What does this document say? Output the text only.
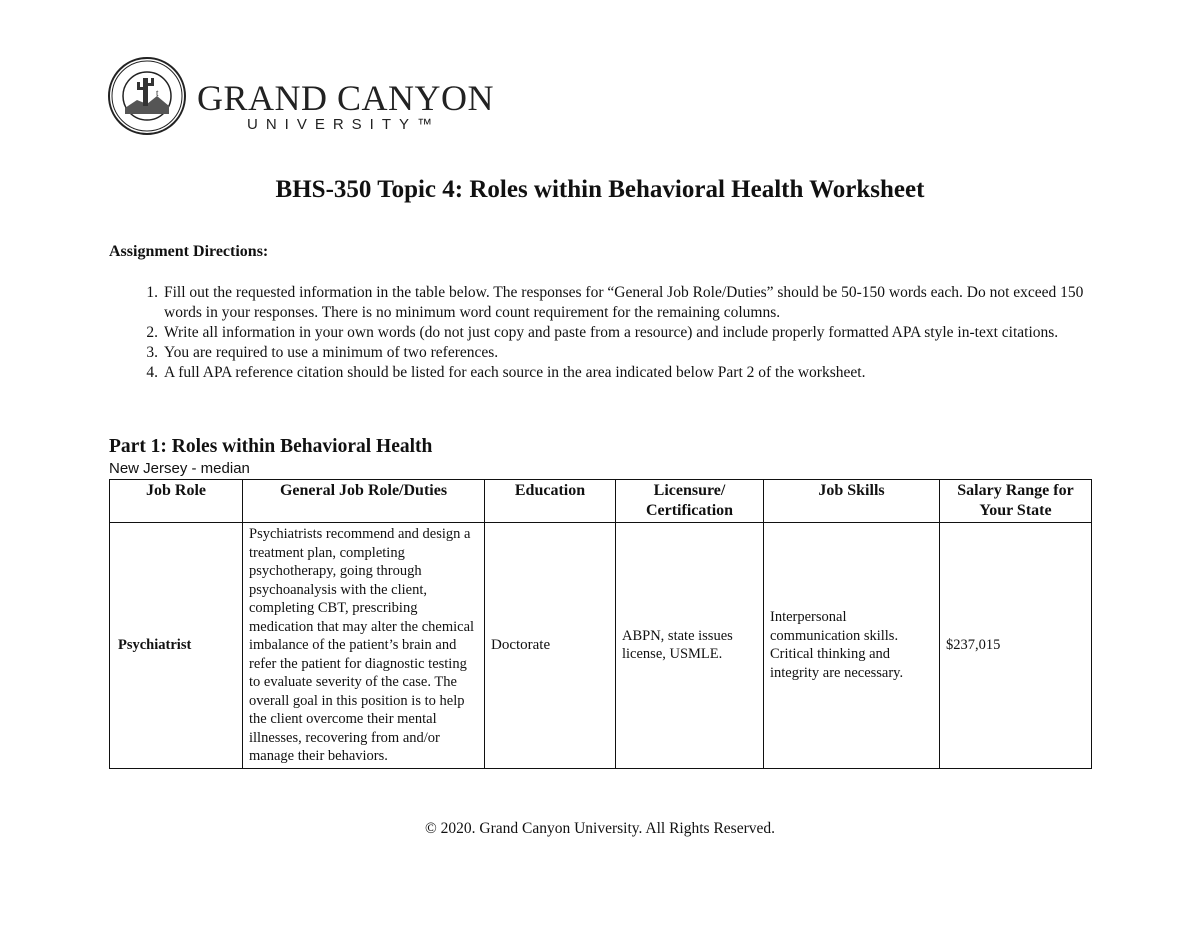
t GRAND CANYON
UNIVERSITY™
BHS-350 Topic 4: Roles within Behavioral Health Worksheet

Assignment Directions:

1. Fill out the requested information in the table below. The responses for “General Job Role/Duties” should be 50-150 words each. Do not exceed 150 words in your responses. There is no minimum word count requirement for the remaining columns.
2. Write all information in your own words (do not just copy and paste from a resource) and include properly formatted APA style in-text citations.
3. You are required to use a minimum of two references.
4. A full APA reference citation should be listed for each source in the area indicated below Part 2 of the worksheet.
Part 1: Roles within Behavioral Health
New Jersey - median
Job Role	General Job Role/Duties	Education	Licensure/ Certification	Job Skills	Salary Range for Your State
Psychiatrist	Psychiatrists recommend and design a treatment plan, completing psychotherapy, going through psychoanalysis with the client, completing CBT, prescribing medication that may alter the chemical imbalance of the patient’s brain and refer the patient for diagnostic testing to evaluate severity of the case. The overall goal in this position is to help the client overcome their mental illnesses, recovering from and/or manage their behaviors.	Doctorate	ABPN, state issues license, USMLE.	Interpersonal communication skills. Critical thinking and integrity are necessary.	$237,015
© 2020. Grand Canyon University. All Rights Reserved.
